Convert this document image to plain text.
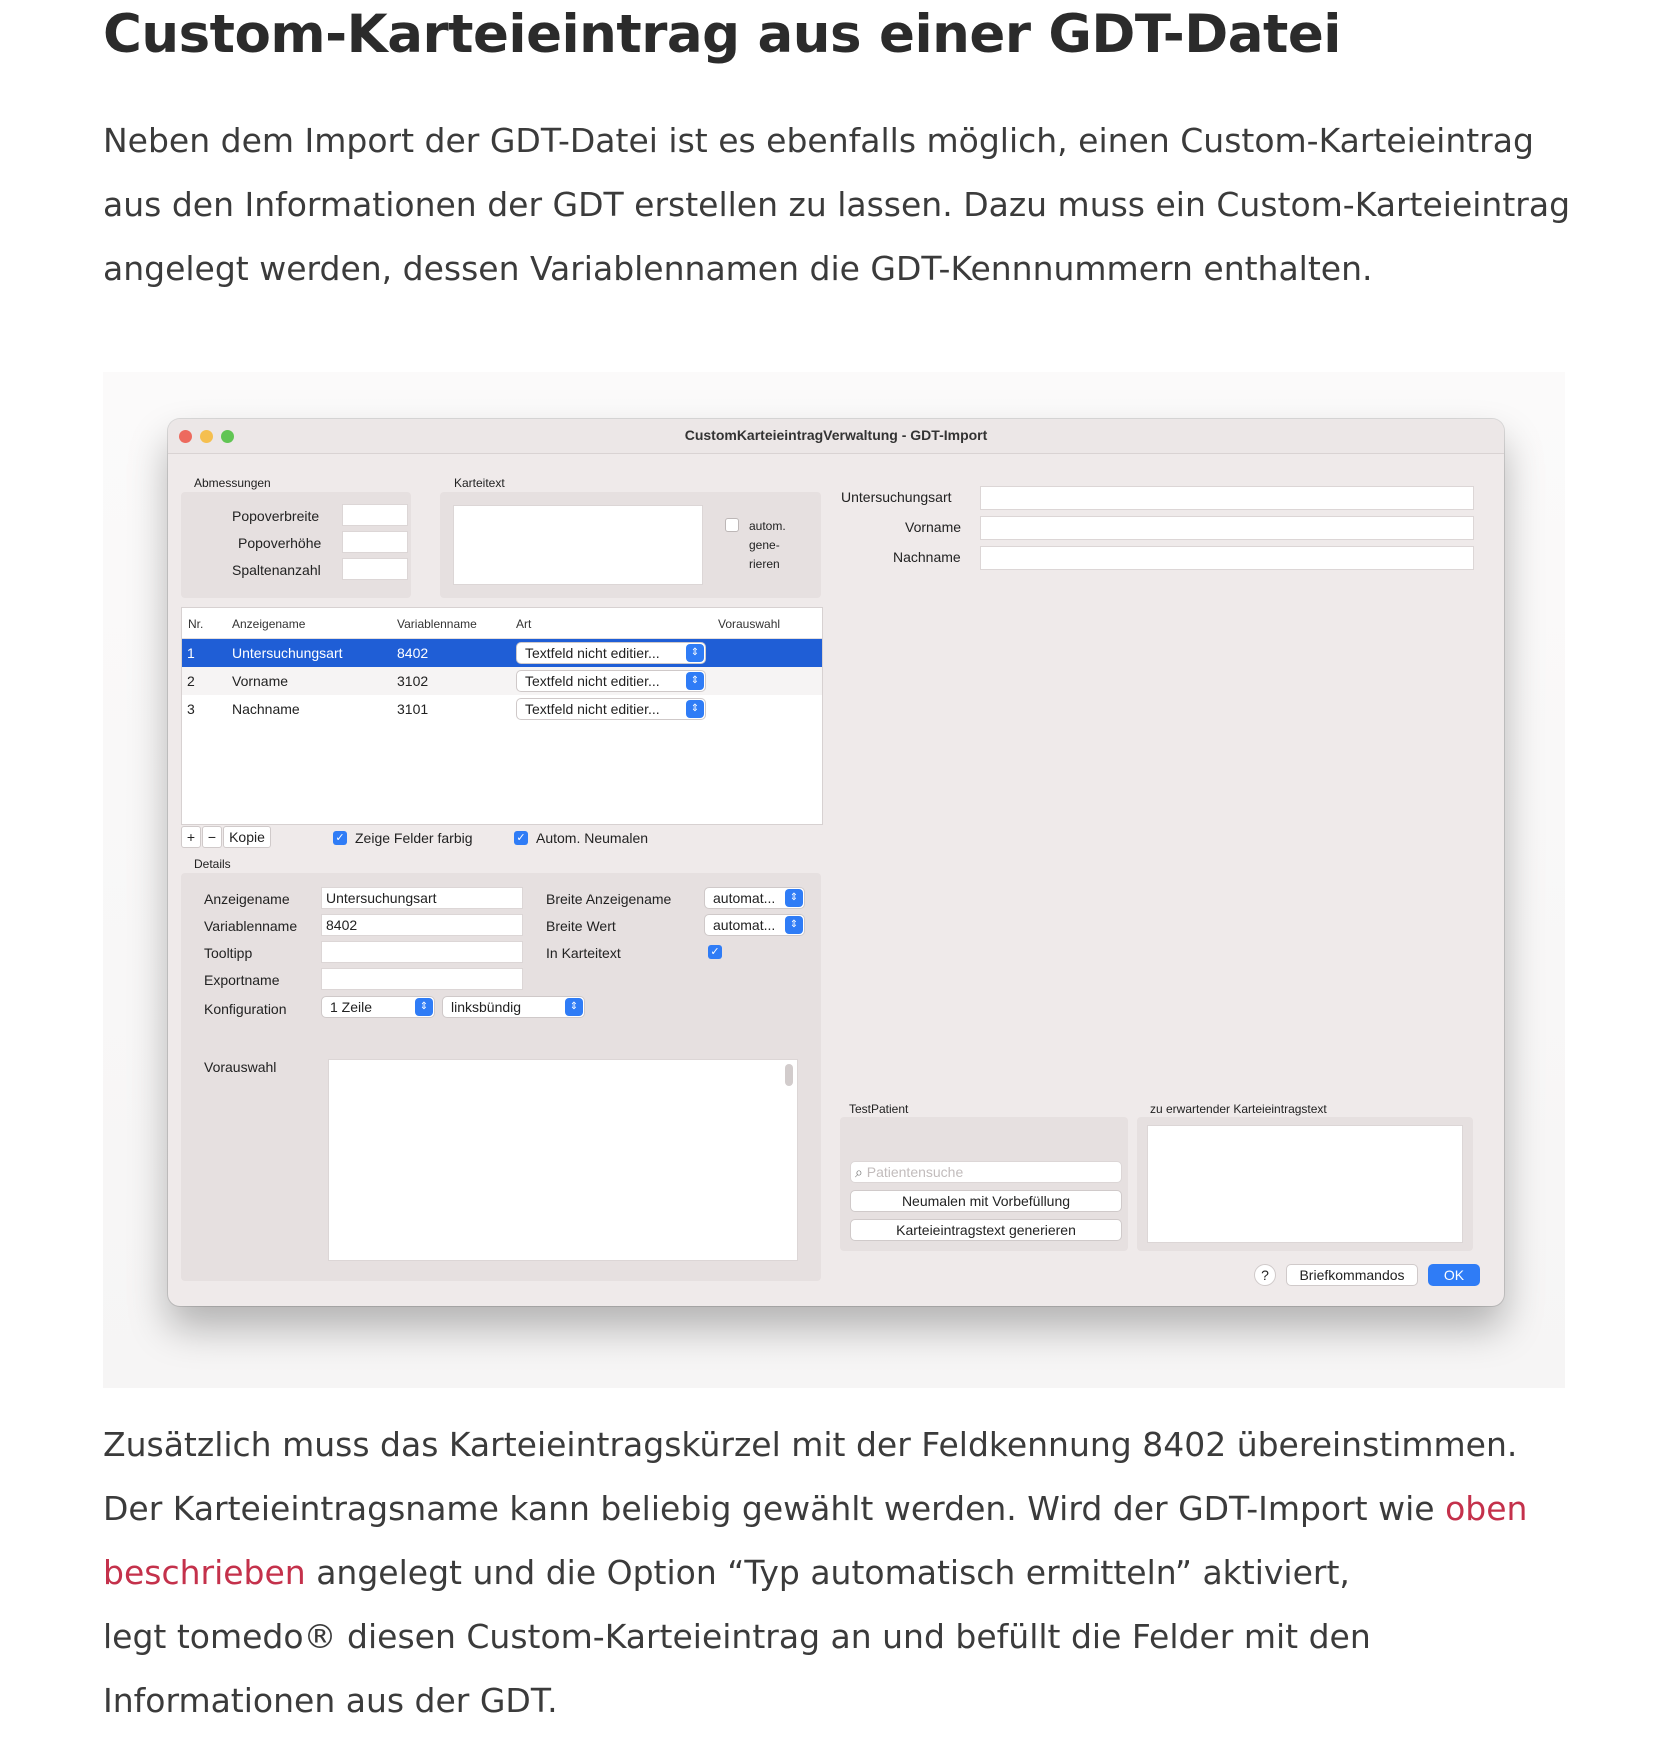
Custom-Karteieintrag aus einer GDT-Datei
Neben dem Import der GDT-Datei ist es ebenfalls möglich, einen Custom-Karteieintrag aus den Informationen der GDT erstellen zu lassen. Dazu muss ein Custom-Karteieintrag angelegt werden, dessen Variablennamen die GDT-Kennnummern enthalten.
CustomKarteieintragVerwaltung - GDT-Import
Abmessungen
Popoverbreite
Popoverhöhe
Spaltenanzahl
Karteitext
autom.
gene-
rieren
Nr. Anzeigename	Variablenname	Art	Vorauswahl
1	Untersuchungsart	8402	Textfeld nicht editier...	⇕
2	Vorname	3102	Textfeld nicht editier...	⇕
3	Nachname	3101	Textfeld nicht editier...	⇕
+ − Kopie	✓ Zeige Felder farbig	✓ Autom. Neumalen
Details
Anzeigename	Untersuchungsart
Variablenname	8402
Tooltipp
Exportname
Konfiguration	1 Zeile	⇕	linksbündig	⇕
Breite Anzeigename	automat...	⇕
Breite Wert	automat...	⇕
In Karteitext	✓
Vorauswahl
Untersuchungsart
Vorname
Nachname
TestPatient
⌕ Patientensuche
Neumalen mit Vorbefüllung
Karteieintragstext generieren
zu erwartender Karteieintragstext
?	Briefkommandos	OK
Zusätzlich muss das Karteieintragskürzel mit der Feldkennung 8402 übereinstimmen. Der Karteieintragsname kann beliebig gewählt werden. Wird der GDT-Import wie oben beschrieben angelegt und die Option “Typ automatisch ermitteln” aktiviert,
legt tomedo® diesen Custom-Karteieintrag an und befüllt die Felder mit den Informationen aus der GDT.
